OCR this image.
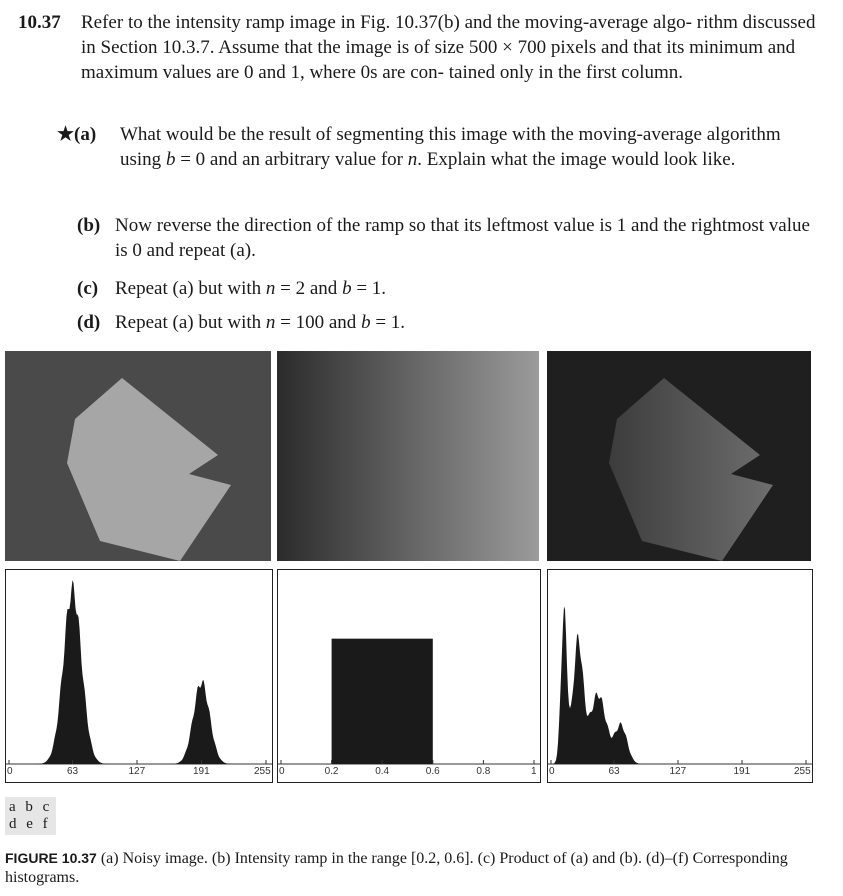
10.37 Refer to the intensity ramp image in Fig. 10.37(b) and the moving-average algo- rithm discussed in Section 10.3.7. Assume that the image is of size 500 × 700 pixels and that its minimum and maximum values are 0 and 1, where 0s are con- tained only in the first column.
★(a) What would be the result of segmenting this image with the moving-average algorithm using b = 0 and an arbitrary value for n. Explain what the image would look like.
(b) Now reverse the direction of the ramp so that its leftmost value is 1 and the rightmost value is 0 and repeat (a).
(c) Repeat (a) but with n = 2 and b = 1.
(d) Repeat (a) but with n = 100 and b = 1.
0	63	127	191	255 0	0.2	0.4	0.6	0.8	1 0	63	127	191	255
a b c
d e f
FIGURE 10.37 (a) Noisy image. (b) Intensity ramp in the range [0.2, 0.6]. (c) Product of (a) and (b). (d)–(f) Corresponding histograms.
